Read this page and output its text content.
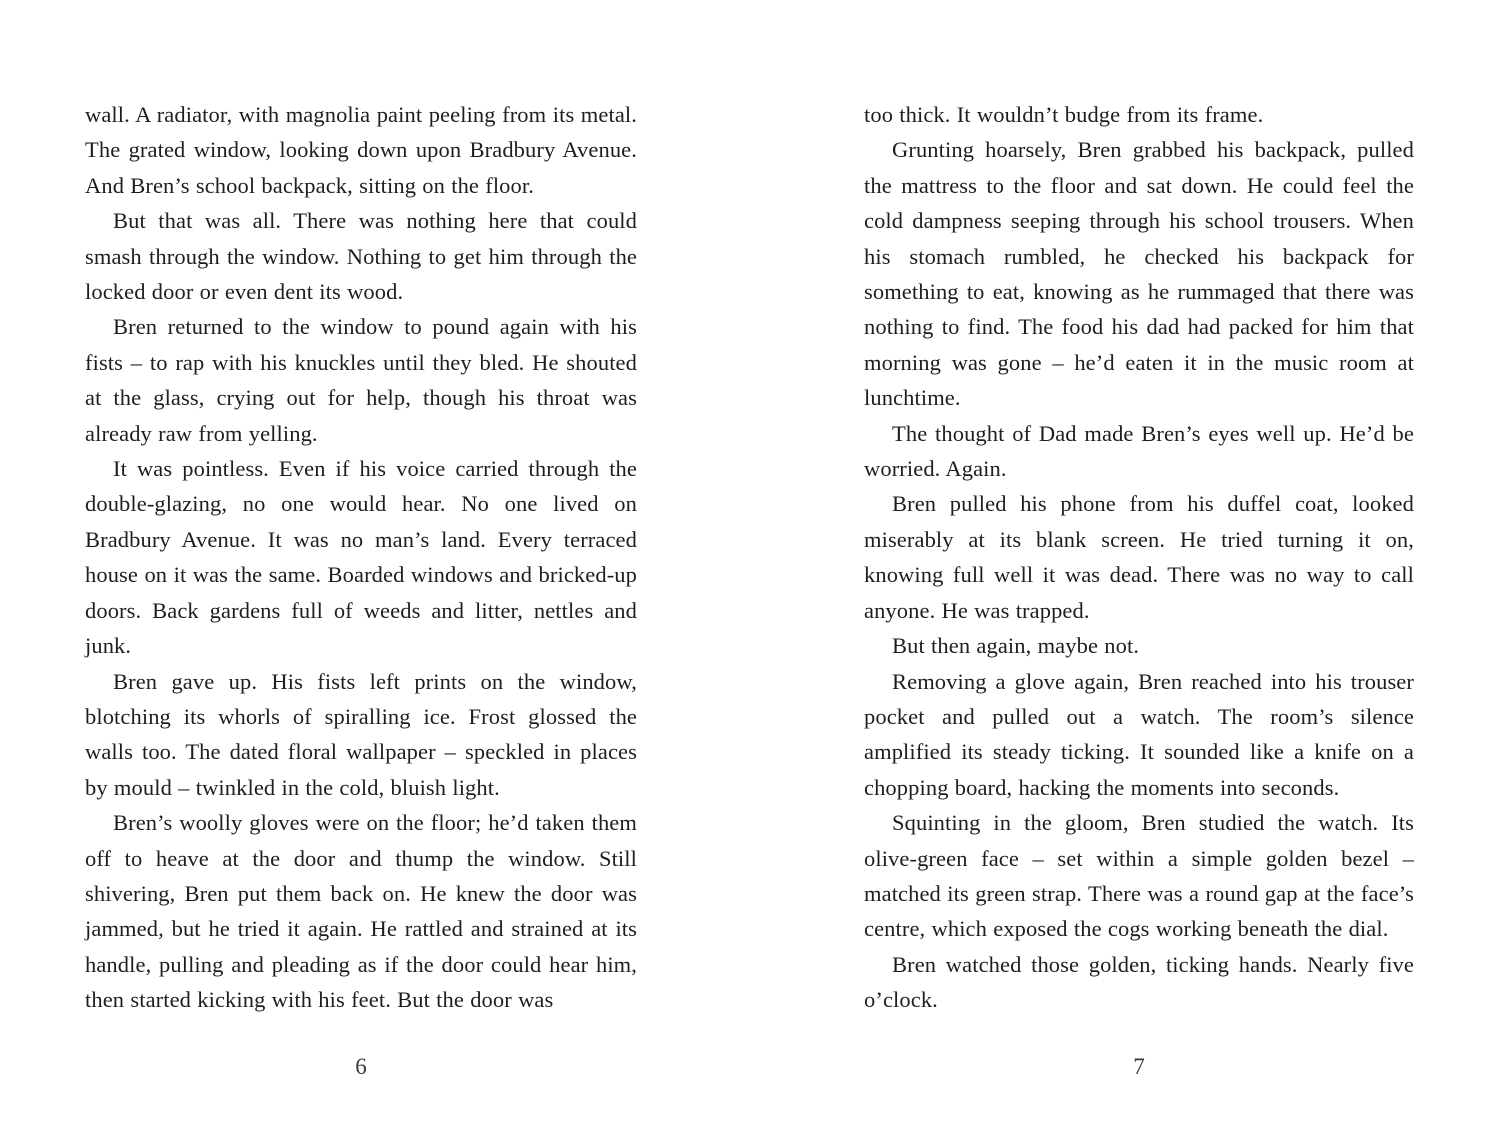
wall. A radiator, with magnolia paint peeling from its metal. The grated window, looking down upon Bradbury Avenue. And Bren’s school backpack, sitting on the floor.

But that was all. There was nothing here that could smash through the window. Nothing to get him through the locked door or even dent its wood.

Bren returned to the window to pound again with his fists – to rap with his knuckles until they bled. He shouted at the glass, crying out for help, though his throat was already raw from yelling.

It was pointless. Even if his voice carried through the double-glazing, no one would hear. No one lived on Bradbury Avenue. It was no man’s land. Every terraced house on it was the same. Boarded windows and bricked-up doors. Back gardens full of weeds and litter, nettles and junk.

Bren gave up. His fists left prints on the window, blotching its whorls of spiralling ice. Frost glossed the walls too. The dated floral wallpaper – speckled in places by mould – twinkled in the cold, bluish light.

Bren’s woolly gloves were on the floor; he’d taken them off to heave at the door and thump the window. Still shivering, Bren put them back on. He knew the door was jammed, but he tried it again. He rattled and strained at its handle, pulling and pleading as if the door could hear him, then started kicking with his feet. But the door was

too thick. It wouldn’t budge from its frame.

Grunting hoarsely, Bren grabbed his backpack, pulled the mattress to the floor and sat down. He could feel the cold dampness seeping through his school trousers. When his stomach rumbled, he checked his backpack for something to eat, knowing as he rummaged that there was nothing to find. The food his dad had packed for him that morning was gone – he’d eaten it in the music room at lunchtime.

The thought of Dad made Bren’s eyes well up. He’d be worried. Again.

Bren pulled his phone from his duffel coat, looked miserably at its blank screen. He tried turning it on, knowing full well it was dead. There was no way to call anyone. He was trapped.

But then again, maybe not.

Removing a glove again, Bren reached into his trouser pocket and pulled out a watch. The room’s silence amplified its steady ticking. It sounded like a knife on a chopping board, hacking the moments into seconds.

Squinting in the gloom, Bren studied the watch. Its olive-green face – set within a simple golden bezel – matched its green strap. There was a round gap at the face’s centre, which exposed the cogs working beneath the dial.

Bren watched those golden, ticking hands. Nearly five o’clock.

6	7
